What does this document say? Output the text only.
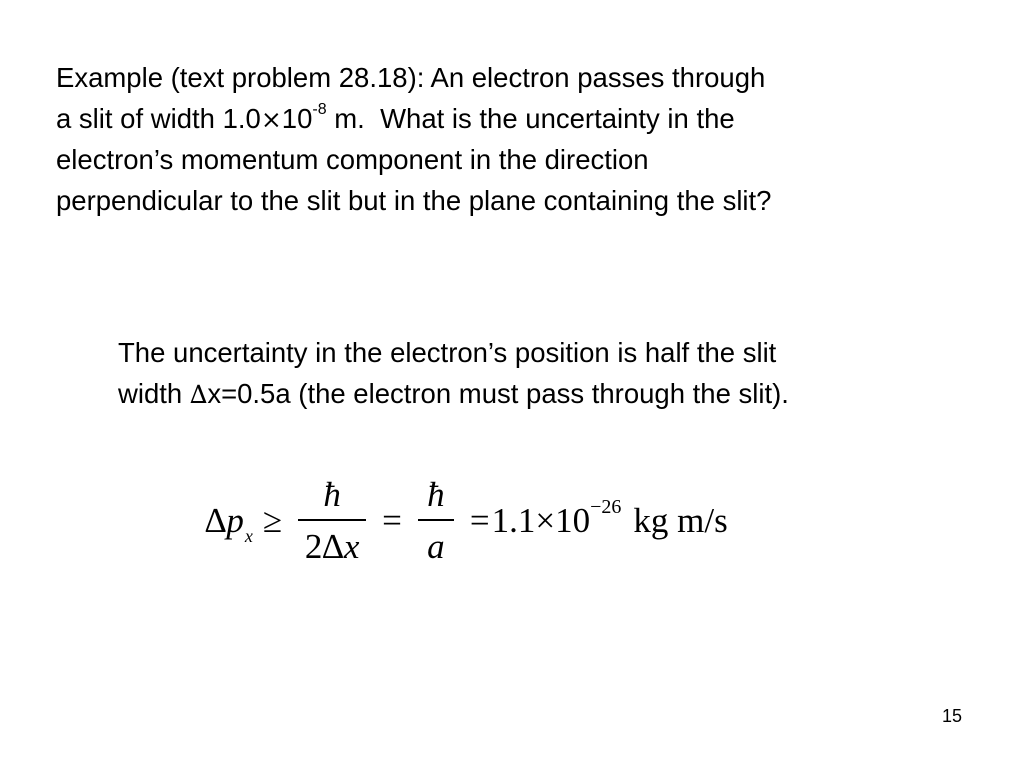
Example (text problem 28.18): An electron passes through
a slit of width $1.0\times 10^{-8}$ m.  What is the uncertainty in the
electron’s momentum component in the direction
perpendicular to the slit but in the plane containing the slit?

The uncertainty in the electron’s position is half the slit
width ∆x=0.5a (the electron must pass through the slit).

$\Delta p_x \ge \frac{ħ}{2\Delta x} = \frac{ħ}{a} = 1.1\times 10^{-26}$ kg m/s
15
